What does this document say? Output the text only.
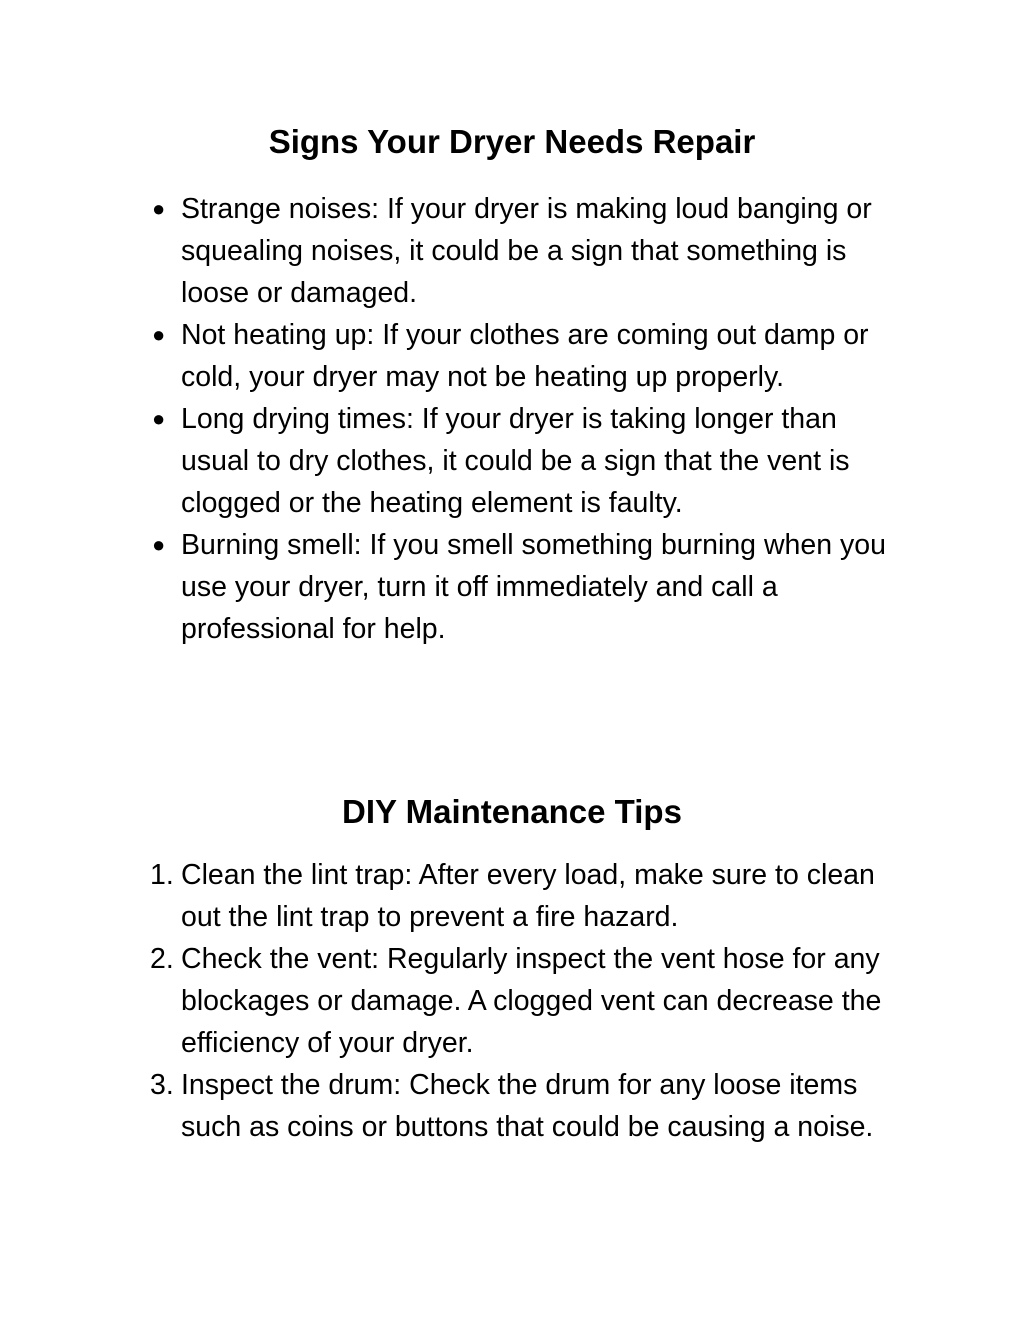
Signs Your Dryer Needs Repair
● Strange noises: If your dryer is making loud banging or squealing noises, it could be a sign that something is loose or damaged.
● Not heating up: If your clothes are coming out damp or cold, your dryer may not be heating up properly.
● Long drying times: If your dryer is taking longer than usual to dry clothes, it could be a sign that the vent is clogged or the heating element is faulty.
● Burning smell: If you smell something burning when you use your dryer, turn it off immediately and call a professional for help.
DIY Maintenance Tips
1. Clean the lint trap: After every load, make sure to clean out the lint trap to prevent a fire hazard.
2. Check the vent: Regularly inspect the vent hose for any blockages or damage. A clogged vent can decrease the efficiency of your dryer.
3. Inspect the drum: Check the drum for any loose items such as coins or buttons that could be causing a noise.
